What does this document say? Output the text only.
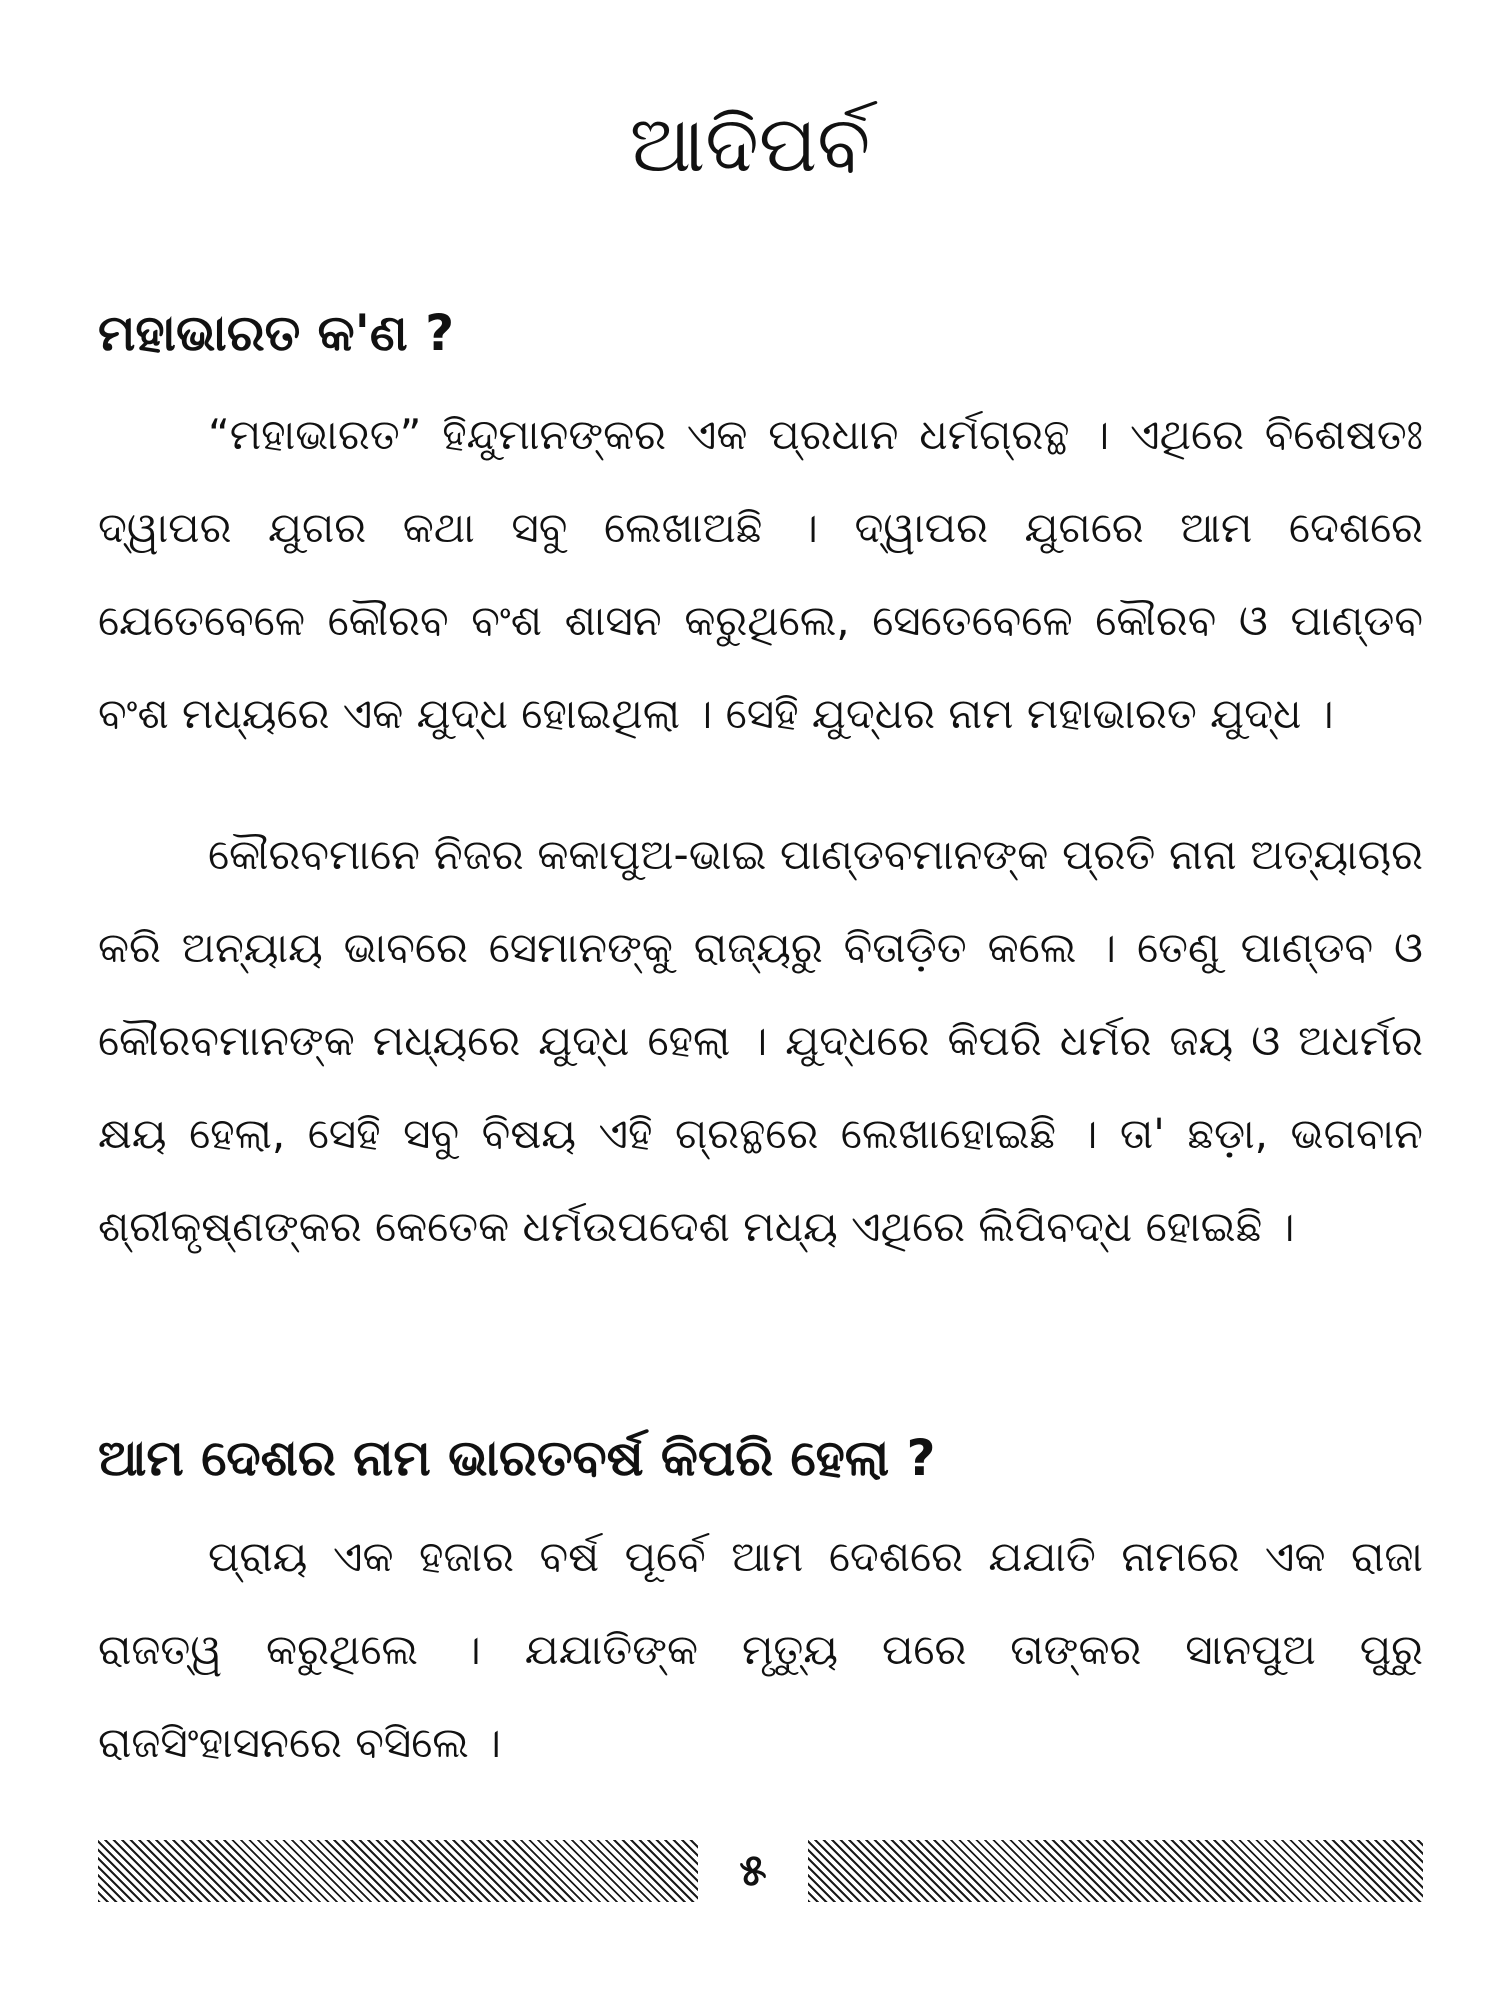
ଆଦିପର୍ବ
ମହାଭାରତ କ'ଣ ?

“ମହାଭାରତ” ହିନ୍ଦୁମାନଙ୍କର ଏକ ପ୍ରଧାନ ଧର୍ମଗ୍ରନ୍ଥ । ଏଥିରେ ବିଶେଷତଃ ଦ୍ୱାପର ଯୁଗର କଥା ସବୁ ଲେଖାଅଛି । ଦ୍ୱାପର ଯୁଗରେ ଆମ ଦେଶରେ ଯେତେବେଳେ କୌରବ ବଂଶ ଶାସନ କରୁଥିଲେ, ସେତେବେଳେ କୌରବ ଓ ପାଣ୍ଡବ ବଂଶ ମଧ୍ୟରେ ଏକ ଯୁଦ୍ଧ ହୋଇଥିଲା । ସେହି ଯୁଦ୍ଧର ନାମ ମହାଭାରତ ଯୁଦ୍ଧ ।

କୌରବମାନେ ନିଜର କକାପୁଅ-ଭାଇ ପାଣ୍ଡବମାନଙ୍କ ପ୍ରତି ନାନା ଅତ୍ୟାଚାର କରି ଅନ୍ୟାୟ ଭାବରେ ସେମାନଙ୍କୁ ରାଜ୍ୟରୁ ବିତାଡ଼ିତ କଲେ । ତେଣୁ ପାଣ୍ଡବ ଓ କୌରବମାନଙ୍କ ମଧ୍ୟରେ ଯୁଦ୍ଧ ହେଲା । ଯୁଦ୍ଧରେ କିପରି ଧର୍ମର ଜୟ ଓ ଅଧର୍ମର କ୍ଷୟ ହେଲା, ସେହି ସବୁ ବିଷୟ ଏହି ଗ୍ରନ୍ଥରେ ଲେଖାହୋଇଛି । ତା' ଛଡ଼ା, ଭଗବାନ ଶ୍ରୀକୃଷ୍ଣଙ୍କର କେତେକ ଧର୍ମଉପଦେଶ ମଧ୍ୟ ଏଥିରେ ଲିପିବଦ୍ଧ ହୋଇଛି ।

ଆମ ଦେଶର ନାମ ଭାରତବର୍ଷ କିପରି ହେଲା ?

ପ୍ରାୟ ଏକ ହଜାର ବର୍ଷ ପୂର୍ବେ ଆମ ଦେଶରେ ଯଯାତି ନାମରେ ଏକ ରାଜା ରାଜତ୍ୱ କରୁଥିଲେ । ଯଯାତିଙ୍କ ମୃତ୍ୟୁ ପରେ ତାଙ୍କର ସାନପୁଅ ପୁରୁ ରାଜସିଂହାସନରେ ବସିଲେ ।

୫
